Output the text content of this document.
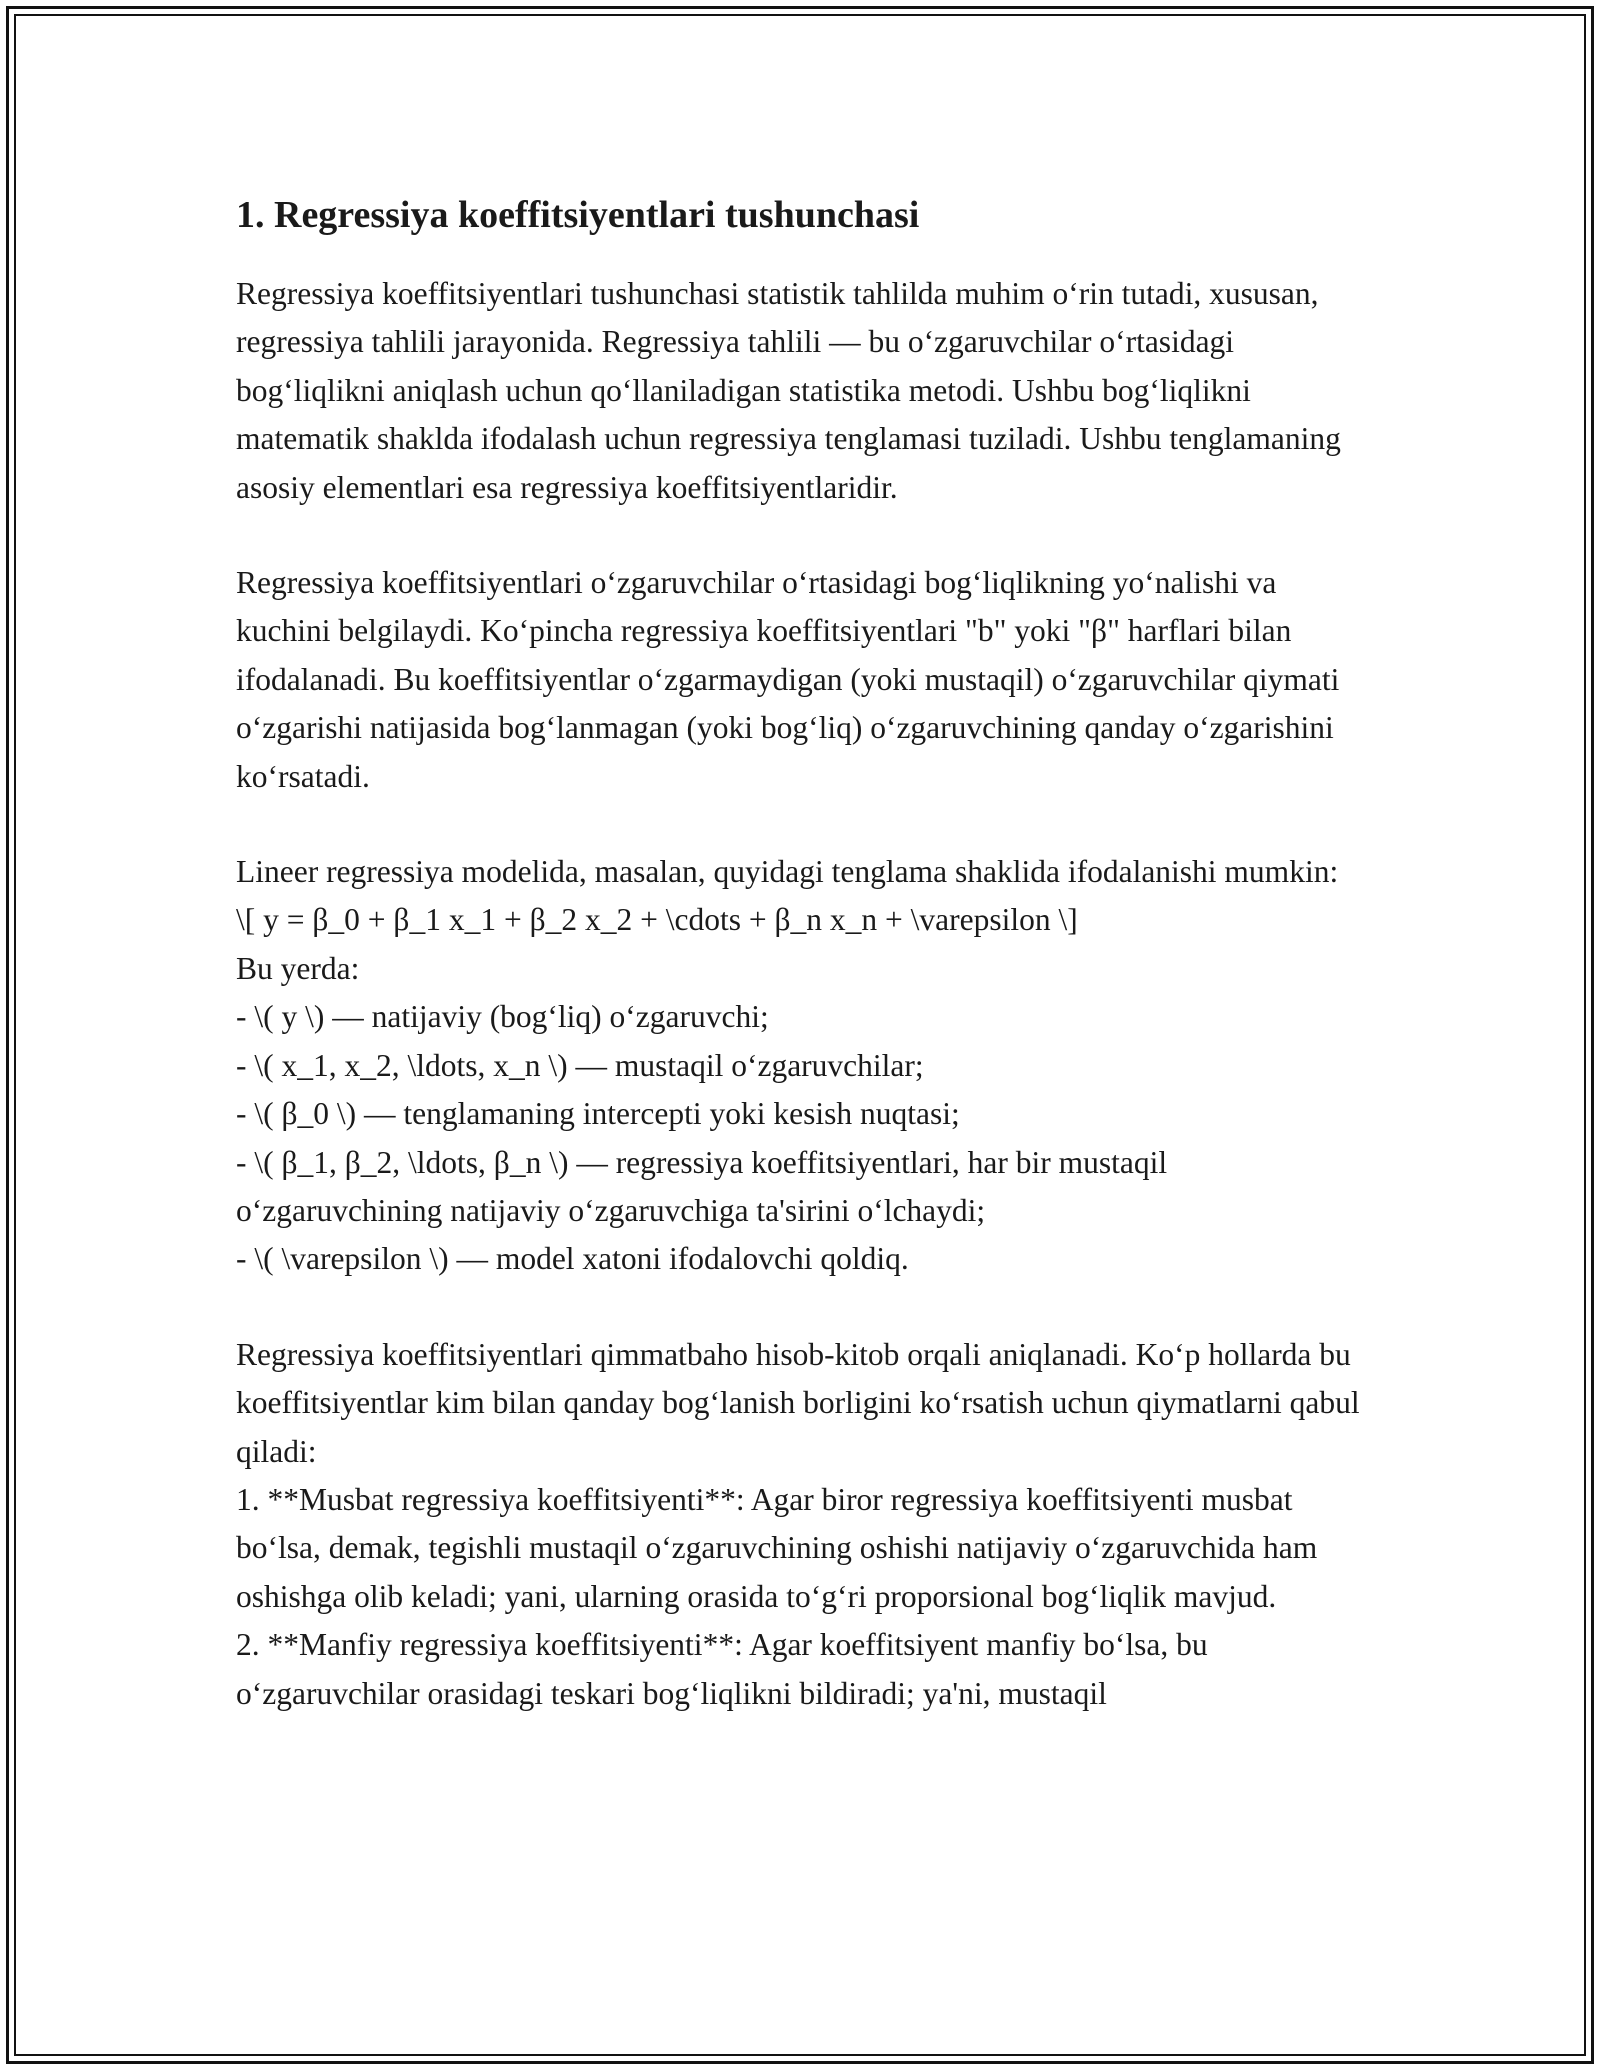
1. Regressiya koeffitsiyentlari tushunchasi

Regressiya koeffitsiyentlari tushunchasi statistik tahlilda muhim o‘rin tutadi, xususan, regressiya tahlili jarayonida. Regressiya tahlili — bu o‘zgaruvchilar o‘rtasidagi bog‘liqlikni aniqlash uchun qo‘llaniladigan statistika metodi. Ushbu bog‘liqlikni matematik shaklda ifodalash uchun regressiya tenglamasi tuziladi. Ushbu tenglamaning asosiy elementlari esa regressiya koeffitsiyentlaridir.

Regressiya koeffitsiyentlari o‘zgaruvchilar o‘rtasidagi bog‘liqlikning yo‘nalishi va kuchini belgilaydi. Ko‘pincha regressiya koeffitsiyentlari "b" yoki "β" harflari bilan ifodalanadi. Bu koeffitsiyentlar o‘zgarmaydigan (yoki mustaqil) o‘zgaruvchilar qiymati o‘zgarishi natijasida bog‘lanmagan (yoki bog‘liq) o‘zgaruvchining qanday o‘zgarishini ko‘rsatadi.

Lineer regressiya modelida, masalan, quyidagi tenglama shaklida ifodalanishi mumkin:
\[ y = β_0 + β_1 x_1 + β_2 x_2 + \cdots + β_n x_n + \varepsilon \]
Bu yerda:
- \( y \) — natijaviy (bog‘liq) o‘zgaruvchi;
- \( x_1, x_2, \ldots, x_n \) — mustaqil o‘zgaruvchilar;
- \( β_0 \) — tenglamaning intercepti yoki kesish nuqtasi;
- \( β_1, β_2, \ldots, β_n \) — regressiya koeffitsiyentlari, har bir mustaqil o‘zgaruvchining natijaviy o‘zgaruvchiga ta'sirini o‘lchaydi;
- \( \varepsilon \) — model xatoni ifodalovchi qoldiq.

Regressiya koeffitsiyentlari qimmatbaho hisob-kitob orqali aniqlanadi. Ko‘p hollarda bu koeffitsiyentlar kim bilan qanday bog‘lanish borligini ko‘rsatish uchun qiymatlarni qabul qiladi:
1. **Musbat regressiya koeffitsiyenti**: Agar biror regressiya koeffitsiyenti musbat bo‘lsa, demak, tegishli mustaqil o‘zgaruvchining oshishi natijaviy o‘zgaruvchida ham oshishga olib keladi; yani, ularning orasida to‘g‘ri proporsional bog‘liqlik mavjud.
2. **Manfiy regressiya koeffitsiyenti**: Agar koeffitsiyent manfiy bo‘lsa, bu o‘zgaruvchilar orasidagi teskari bog‘liqlikni bildiradi; ya'ni, mustaqil
